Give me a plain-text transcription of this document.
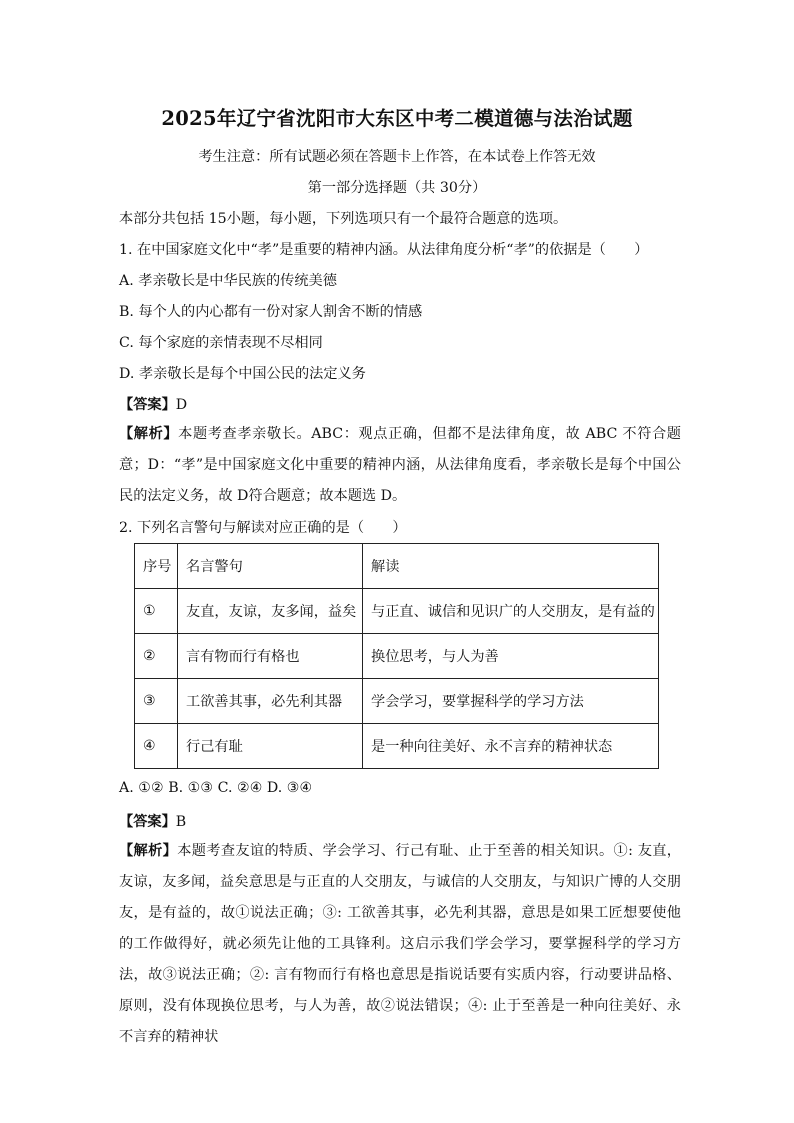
2025年辽宁省沈阳市大东区中考二模道德与法治试题
考生注意：所有试题必须在答题卡上作答，在本试卷上作答无效
第一部分选择题（共 30分）
本部分共包括 15小题，每小题，下列选项只有一个最符合题意的选项。
1. 在中国家庭文化中“孝”是重要的精神内涵。从法律角度分析“孝”的依据是（　　）
A. 孝亲敬长是中华民族的传统美德
B. 每个人的内心都有一份对家人割舍不断的情感
C. 每个家庭的亲情表现不尽相同
D. 孝亲敬长是每个中国公民的法定义务
【答案】D
【解析】本题考查孝亲敬长。ABC：观点正确，但都不是法律角度，故 ABC 不符合题意；D：“孝”是中国家庭文化中重要的精神内涵，从法律角度看，孝亲敬长是每个中国公民的法定义务，故 D符合题意；故本题选 D。
2. 下列名言警句与解读对应正确的是（　　）
序号	名言警句	解读
①	友直，友谅，友多闻，益矣	与正直、诚信和见识广的人交朋友，是有益的
②	言有物而行有格也	换位思考，与人为善
③	工欲善其事，必先利其器	学会学习，要掌握科学的学习方法
④	行己有耻	是一种向往美好、永不言弃的精神状态
A. ①② B. ①③ C. ②④ D. ③④
【答案】B
【解析】本题考查友谊的特质、学会学习、行己有耻、止于至善的相关知识。①: 友直，友谅，友多闻，益矣意思是与正直的人交朋友，与诚信的人交朋友，与知识广博的人交朋友，是有益的，故①说法正确；③: 工欲善其事，必先利其器，意思是如果工匠想要使他的工作做得好，就必须先让他的工具锋利。这启示我们学会学习，要掌握科学的学习方法，故③说法正确；②: 言有物而行有格也意思是指说话要有实质内容，行动要讲品格、原则，没有体现换位思考，与人为善，故②说法错误；④: 止于至善是一种向往美好、永不言弃的精神状
